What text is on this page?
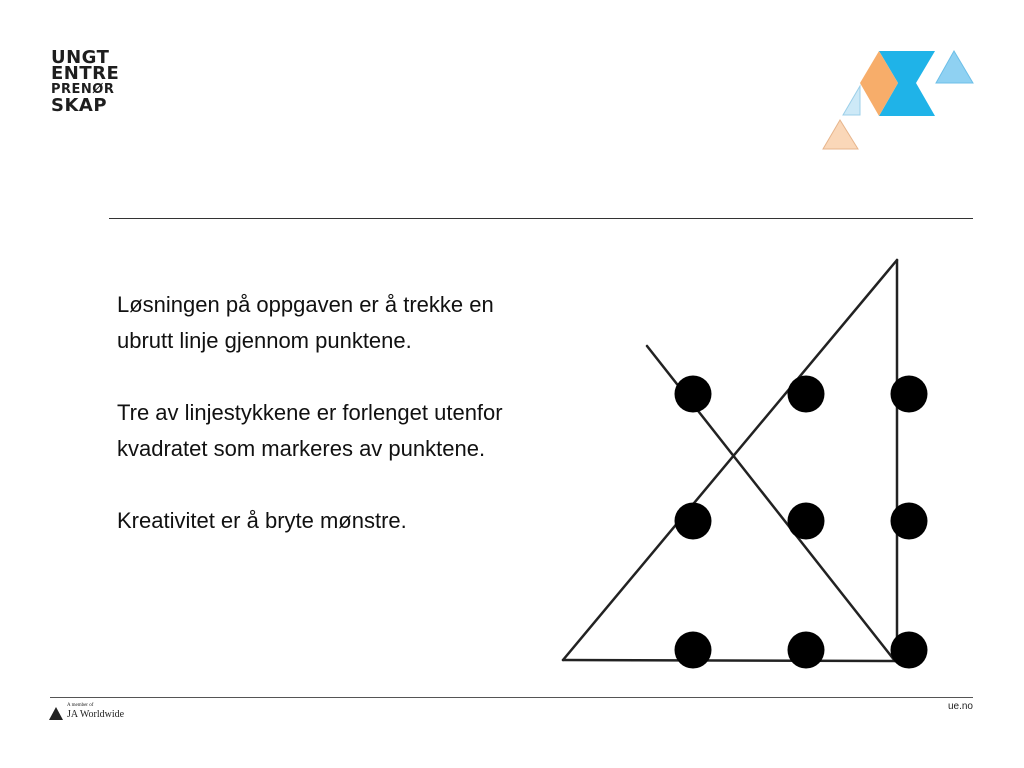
UNGT
ENTRE
PRENØR
SKAP

Løsningen på oppgaven er å trekke en ubrutt linje gjennom punktene.

Tre av linjestykkene er forlenget utenfor kvadratet som markeres av punktene.

Kreativitet er å bryte mønstre.

A member of
JA Worldwide
ue.no
